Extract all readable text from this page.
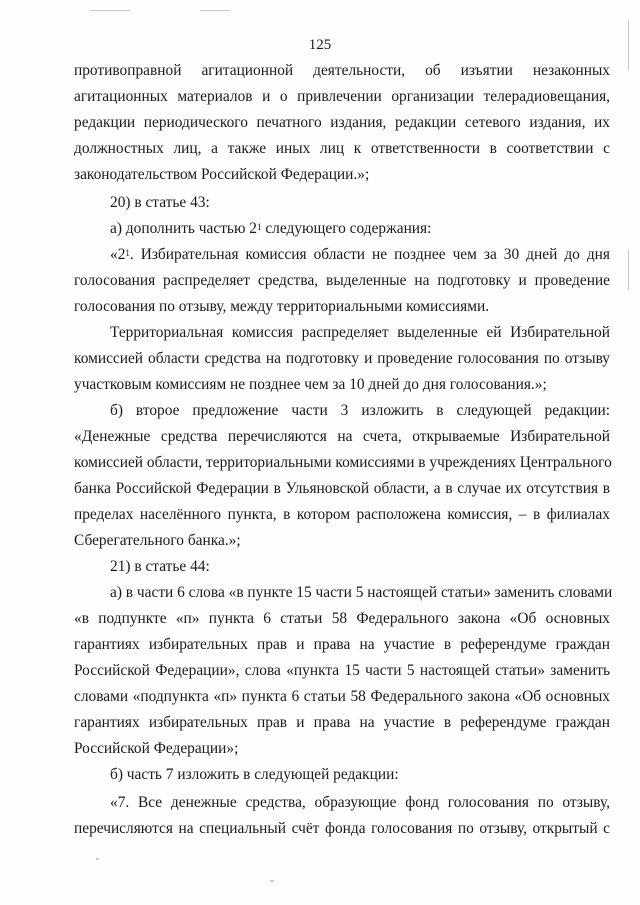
125
противоправной агитационной деятельности, об изъятии незаконных
агитационных материалов и о привлечении организации телерадиовещания,
редакции периодического печатного издания, редакции сетевого издания, их
должностных лиц, а также иных лиц к ответственности в соответствии с
законодательством Российской Федерации.»;
20) в статье 43:
а) дополнить частью $2^1$ следующего содержания:
«$2^1$. Избирательная комиссия области не позднее чем за 30 дней до дня
голосования распределяет средства, выделенные на подготовку и проведение
голосования по отзыву, между территориальными комиссиями.
Территориальная комиссия распределяет выделенные ей Избирательной
комиссией области средства на подготовку и проведение голосования по отзыву
участковым комиссиям не позднее чем за 10 дней до дня голосования.»;
б) второе предложение части 3 изложить в следующей редакции:
«Денежные средства перечисляются на счета, открываемые Избирательной
комиссией области, территориальными комиссиями в учреждениях Центрального
банка Российской Федерации в Ульяновской области, а в случае их отсутствия в
пределах населённого пункта, в котором расположена комиссия, – в филиалах
Сберегательного банка.»;
21) в статье 44:
а) в части 6 слова «в пункте 15 части 5 настоящей статьи» заменить словами
«в подпункте «п» пункта 6 статьи 58 Федерального закона «Об основных
гарантиях избирательных прав и права на участие в референдуме граждан
Российской Федерации», слова «пункта 15 части 5 настоящей статьи» заменить
словами «подпункта «п» пункта 6 статьи 58 Федерального закона «Об основных
гарантиях избирательных прав и права на участие в референдуме граждан
Российской Федерации»;
б) часть 7 изложить в следующей редакции:
«7. Все денежные средства, образующие фонд голосования по отзыву,
перечисляются на специальный счёт фонда голосования по отзыву, открытый с
